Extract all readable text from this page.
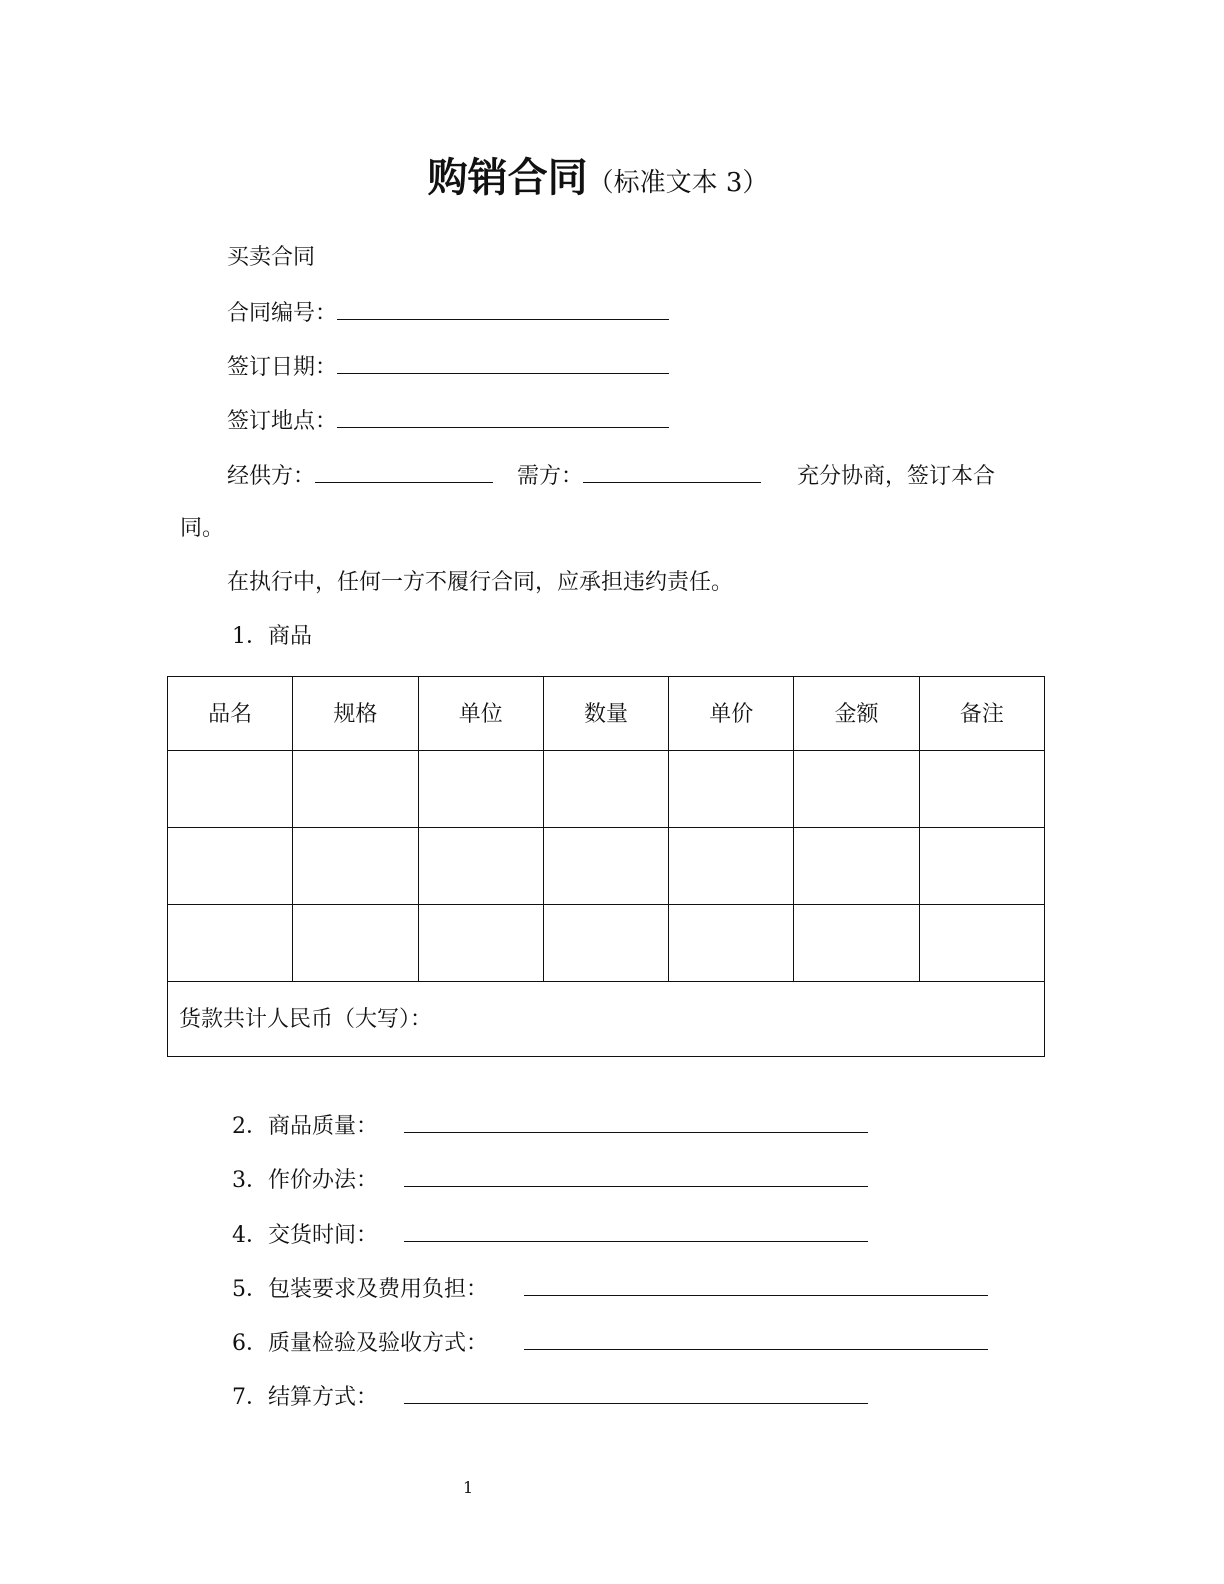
购销合同（标准文本 3）
买卖合同
合同编号：
签订日期：
签订地点：
经供方：	需方：	充分协商，签订本合
同。
在执行中，任何一方不履行合同，应承担违约责任。
1．商品
品名	规格	单位	数量	单价	金额	备注

货款共计人民币（大写）：						
2．商品质量：
3．作价办法：
4．交货时间：
5．包装要求及费用负担：
6．质量检验及验收方式：
7．结算方式：
1
